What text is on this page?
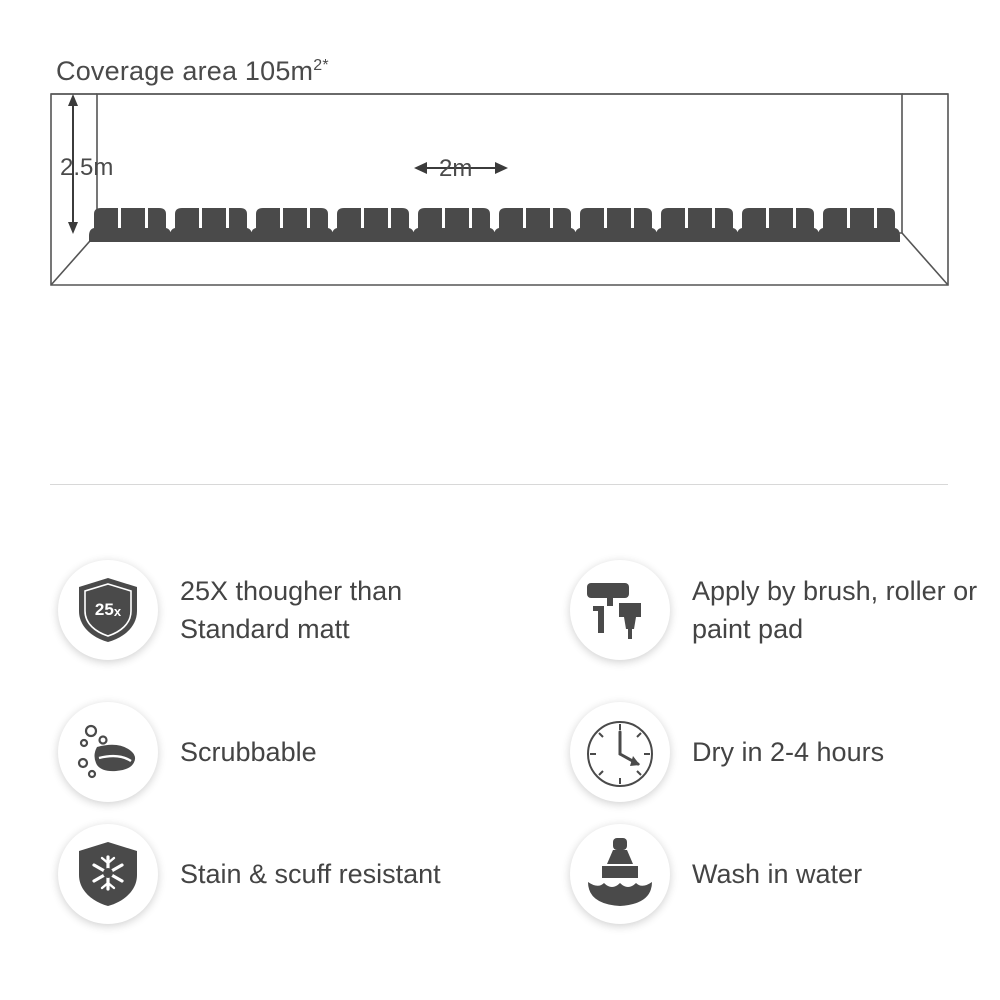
Coverage area $105m^{2*}$
2.5m	2m
25x
25X thougher than Standard matt
Scrubbable
Stain & scuff resistant
Apply by brush, roller or paint pad
Dry in 2-4 hours
Wash in water
